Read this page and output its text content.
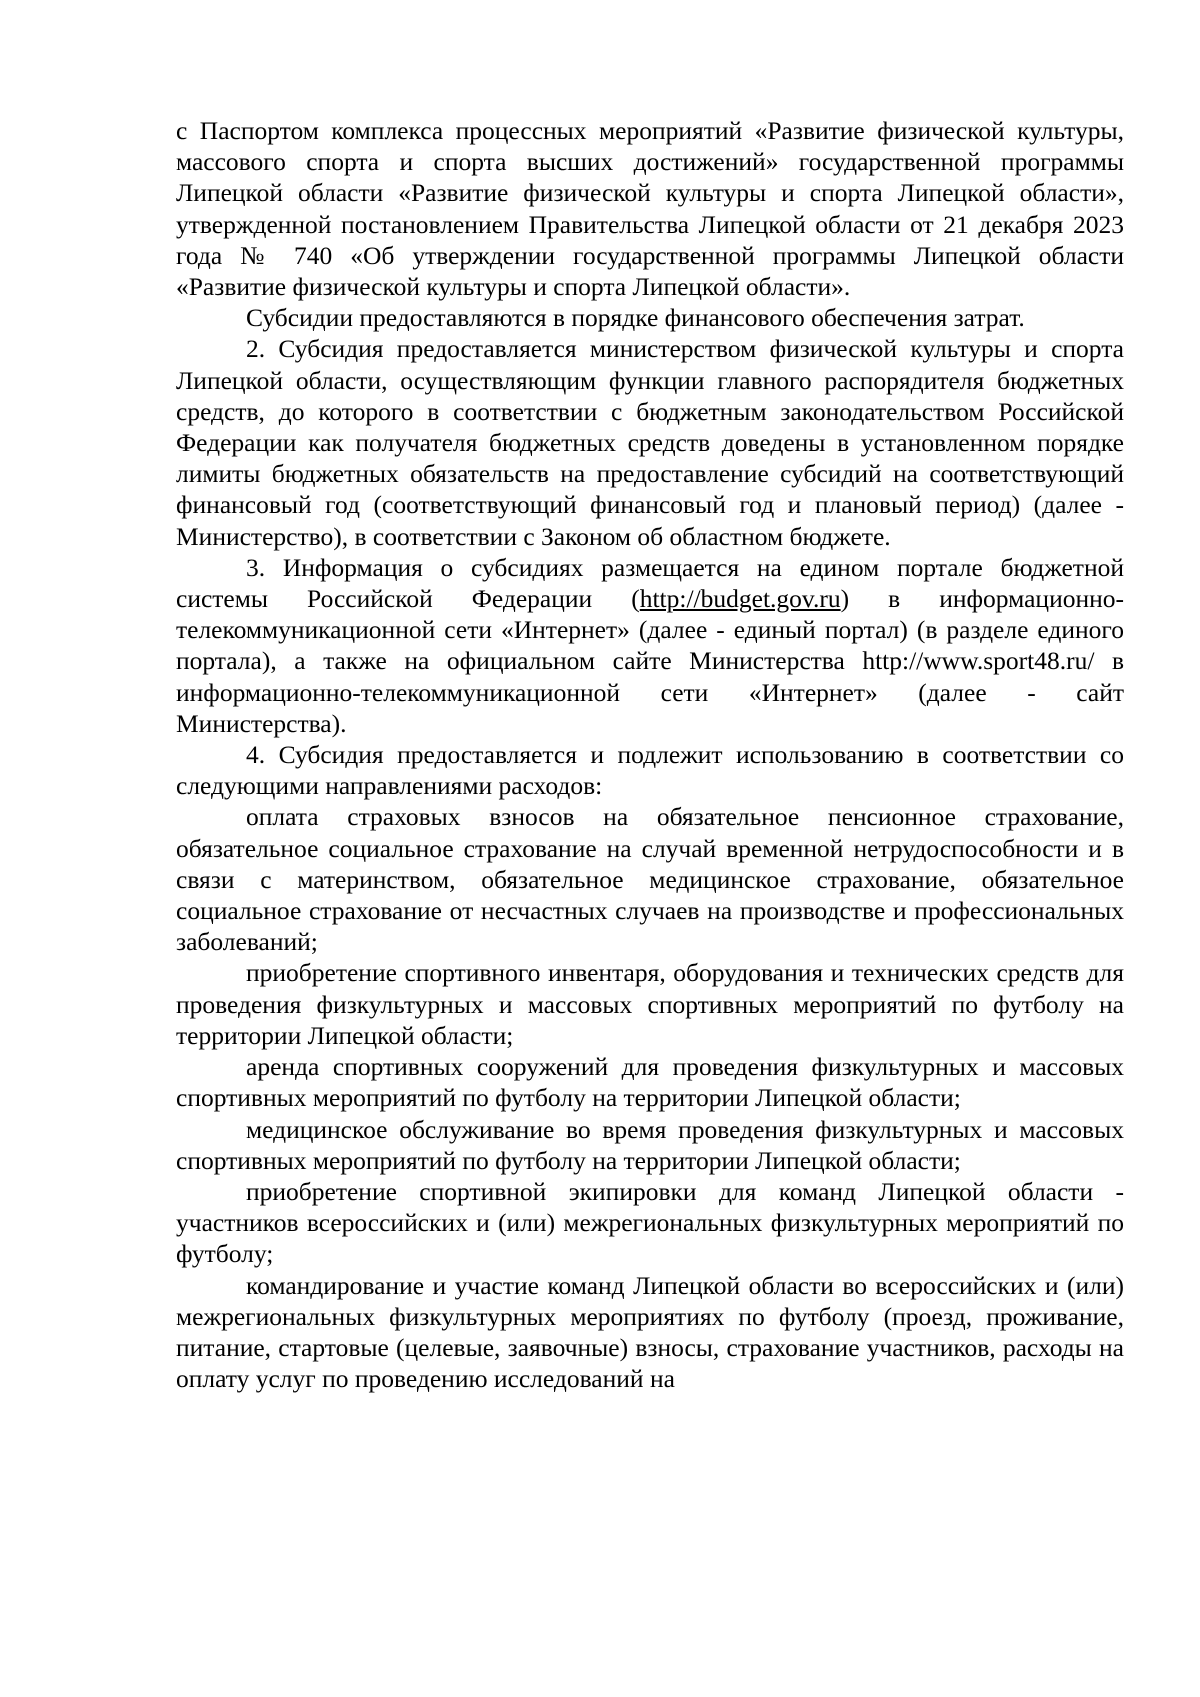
с Паспортом комплекса процессных мероприятий «Развитие физической культуры, массового спорта и спорта высших достижений» государственной программы Липецкой области «Развитие физической культуры и спорта Липецкой области», утвержденной постановлением Правительства Липецкой области от 21 декабря 2023 года № 740 «Об утверждении государственной программы Липецкой области «Развитие физической культуры и спорта Липецкой области».

Субсидии предоставляются в порядке финансового обеспечения затрат.

2. Субсидия предоставляется министерством физической культуры и спорта Липецкой области, осуществляющим функции главного распорядителя бюджетных средств, до которого в соответствии с бюджетным законодательством Российской Федерации как получателя бюджетных средств доведены в установленном порядке лимиты бюджетных обязательств на предоставление субсидий на соответствующий финансовый год (соответствующий финансовый год и плановый период) (далее - Министерство), в соответствии с Законом об областном бюджете.

3. Информация о субсидиях размещается на едином портале бюджетной системы Российской Федерации (http://budget.gov.ru) в информационно-телекоммуникационной сети «Интернет» (далее - единый портал) (в разделе единого портала), а также на официальном сайте Министерства http://www.sport48.ru/ в информационно-телекоммуникационной сети «Интернет» (далее - сайт Министерства).

4. Субсидия предоставляется и подлежит использованию в соответствии со следующими направлениями расходов:

оплата страховых взносов на обязательное пенсионное страхование, обязательное социальное страхование на случай временной нетрудоспособности и в связи с материнством, обязательное медицинское страхование, обязательное социальное страхование от несчастных случаев на производстве и профессиональных заболеваний;

приобретение спортивного инвентаря, оборудования и технических средств для проведения физкультурных и массовых спортивных мероприятий по футболу на территории Липецкой области;

аренда спортивных сооружений для проведения физкультурных и массовых спортивных мероприятий по футболу на территории Липецкой области;

медицинское обслуживание во время проведения физкультурных и массовых спортивных мероприятий по футболу на территории Липецкой области;

приобретение спортивной экипировки для команд Липецкой области - участников всероссийских и (или) межрегиональных физкультурных мероприятий по футболу;

командирование и участие команд Липецкой области во всероссийских и (или) межрегиональных физкультурных мероприятиях по футболу (проезд, проживание, питание, стартовые (целевые, заявочные) взносы, страхование участников, расходы на оплату услуг по проведению исследований на
